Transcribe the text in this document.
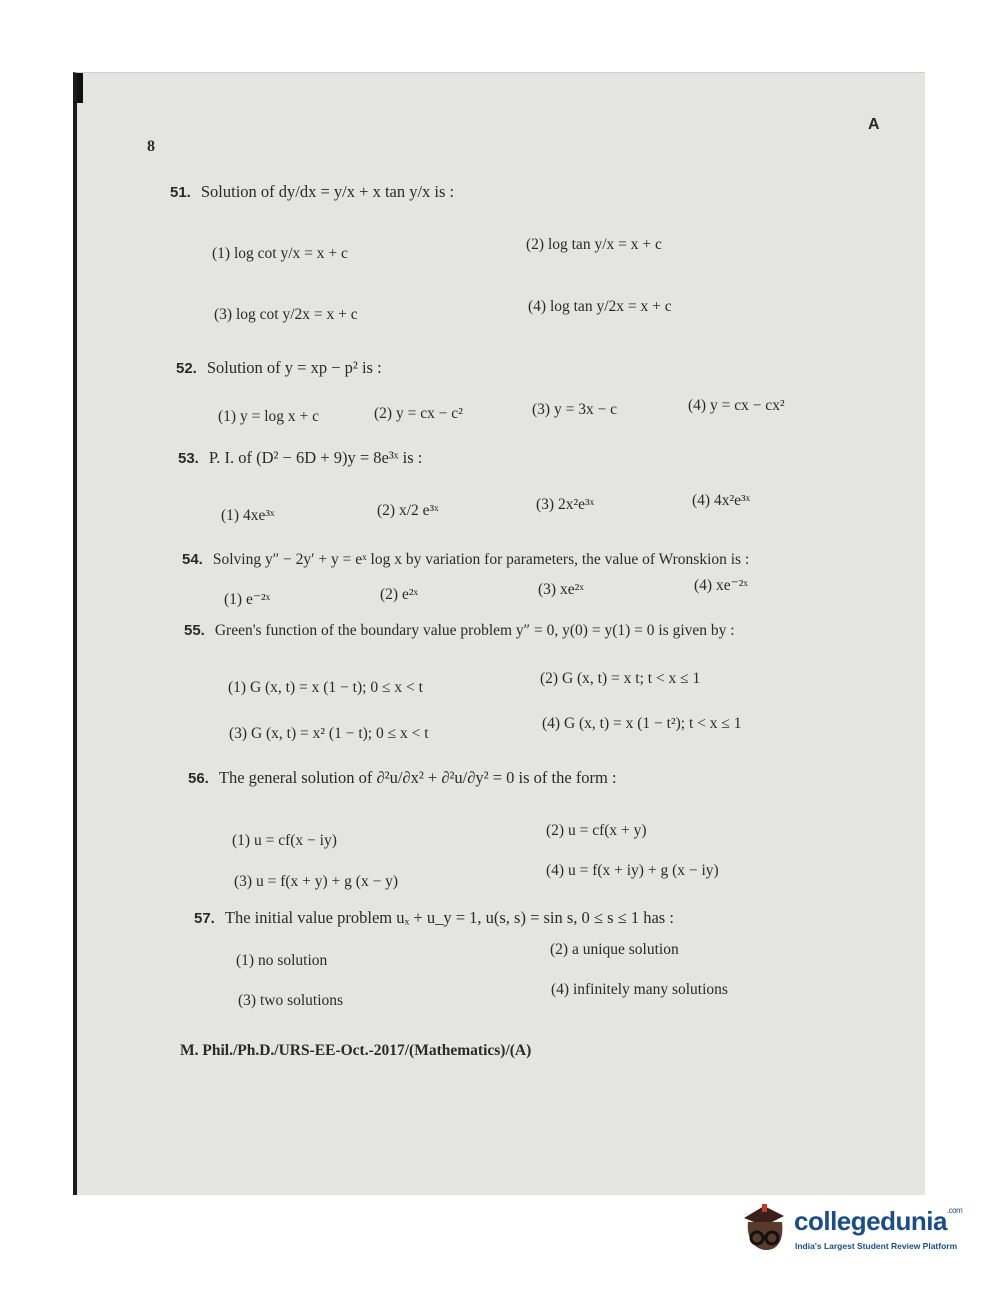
8
A
51. Solution of dy/dx = y/x + x tan y/x is :
(1) log cot y/x = x + c
(2) log tan y/x = x + c
(3) log cot y/2x = x + c	(4) log tan y/2x = x + c
52. Solution of y = xp − p² is :
(1) y = log x + c	(2) y = cx − c²	(3) y = 3x − c	(4) y = cx − cx²
53. P. I. of (D² − 6D + 9)y = 8e³ˣ is :
(1) 4xe³ˣ	(2) x/2 e³ˣ	(3) 2x²e³ˣ	(4) 4x²e³ˣ
54. Solving y″ − 2y′ + y = eˣ log x by variation for parameters, the value of Wronskion is :
(1) e⁻²ˣ	(2) e²ˣ	(3) xe²ˣ	(4) xe⁻²ˣ
55. Green's function of the boundary value problem y″ = 0, y(0) = y(1) = 0 is given by :
(1) G (x, t) = x (1 − t); 0 ≤ x < t
(2) G (x, t) = x t; t < x ≤ 1
(3) G (x, t) = x² (1 − t); 0 ≤ x < t
(4) G (x, t) = x (1 − t²); t < x ≤ 1
56. The general solution of ∂²u/∂x² + ∂²u/∂y² = 0 is of the form :
(1) u = cf(x − iy)
(2) u = cf(x + y)
(3) u = f(x + y) + g (x − y)
(4) u = f(x + iy) + g (x − iy)
57. The initial value problem uₓ + u_y = 1, u(s, s) = sin s, 0 ≤ s ≤ 1 has :
(1) no solution
(2) a unique solution
(3) two solutions
(4) infinitely many solutions
M. Phil./Ph.D./URS-EE-Oct.-2017/(Mathematics)/(A)
collegedunia$^{.com}$
India's Largest Student Review Platform
